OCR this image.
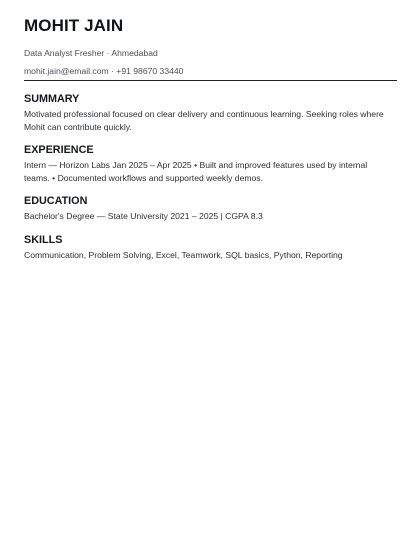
MOHIT JAIN
Data Analyst Fresher · Ahmedabad
mohit.jain@email.com · +91 98670 33440
SUMMARY

Motivated professional focused on clear delivery and continuous learning. Seeking roles where Mohit can contribute quickly.

EXPERIENCE

Intern — Horizon Labs Jan 2025 – Apr 2025 • Built and improved features used by internal teams. • Documented workflows and supported weekly demos.

EDUCATION

Bachelor's Degree — State University 2021 – 2025 | CGPA 8.3

SKILLS

Communication, Problem Solving, Excel, Teamwork, SQL basics, Python, Reporting
